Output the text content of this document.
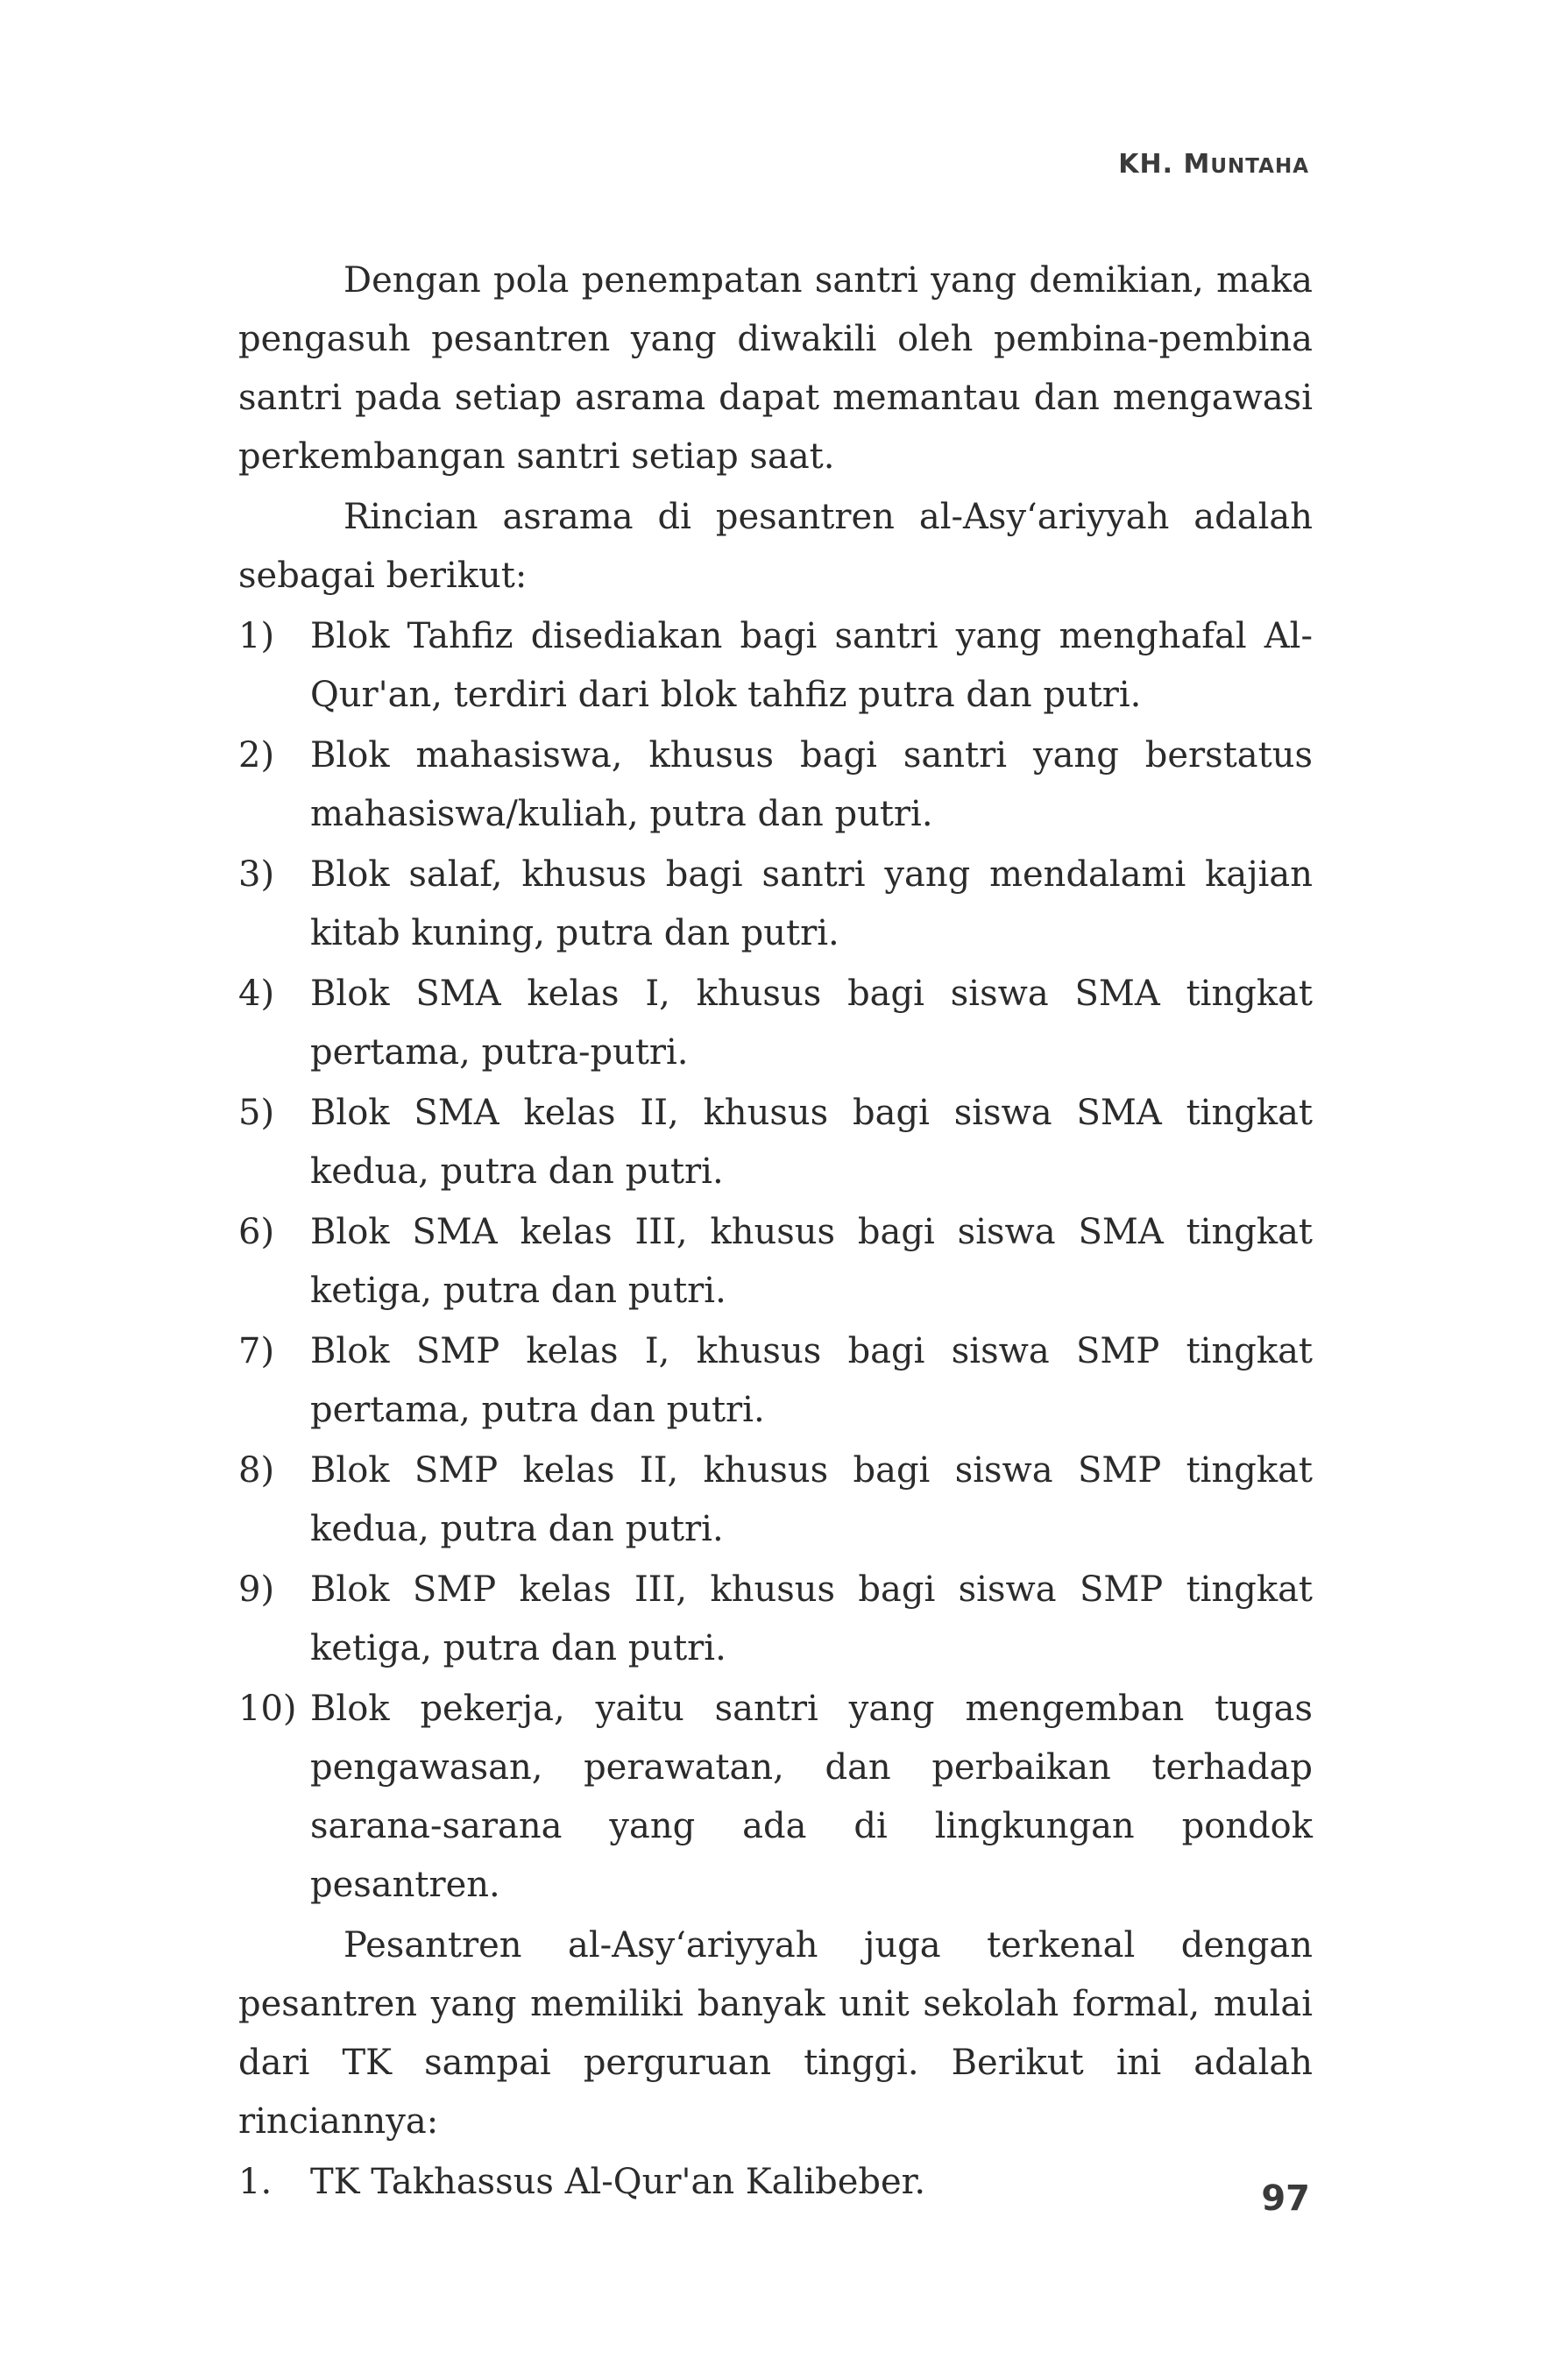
KH. MUNTAHA

Dengan pola penempatan santri yang demikian, maka pengasuh pesantren yang diwakili oleh pembina-pembina santri pada setiap asrama dapat memantau dan mengawasi perkembangan santri setiap saat.

Rincian asrama di pesantren al-Asy‘ariyyah adalah sebagai berikut:

1) Blok Tahfiz disediakan bagi santri yang menghafal Al-Qur'an, terdiri dari blok tahfiz putra dan putri.
2) Blok mahasiswa, khusus bagi santri yang berstatus mahasiswa/kuliah, putra dan putri.
3) Blok salaf, khusus bagi santri yang mendalami kajian kitab kuning, putra dan putri.
4) Blok SMA kelas I, khusus bagi siswa SMA tingkat pertama, putra-putri.
5) Blok SMA kelas II, khusus bagi siswa SMA tingkat kedua, putra dan putri.
6) Blok SMA kelas III, khusus bagi siswa SMA tingkat ketiga, putra dan putri.
7) Blok SMP kelas I, khusus bagi siswa SMP tingkat pertama, putra dan putri.
8) Blok SMP kelas II, khusus bagi siswa SMP tingkat kedua, putra dan putri.
9) Blok SMP kelas III, khusus bagi siswa SMP tingkat ketiga, putra dan putri.
10) Blok pekerja, yaitu santri yang mengemban tugas pengawasan, perawatan, dan perbaikan terhadap sarana-sarana yang ada di lingkungan pondok pesantren.

Pesantren al-Asy‘ariyyah juga terkenal dengan pesantren yang memiliki banyak unit sekolah formal, mulai dari TK sampai perguruan tinggi. Berikut ini adalah rinciannya:

1. TK Takhassus Al-Qur'an Kalibeber.	97
